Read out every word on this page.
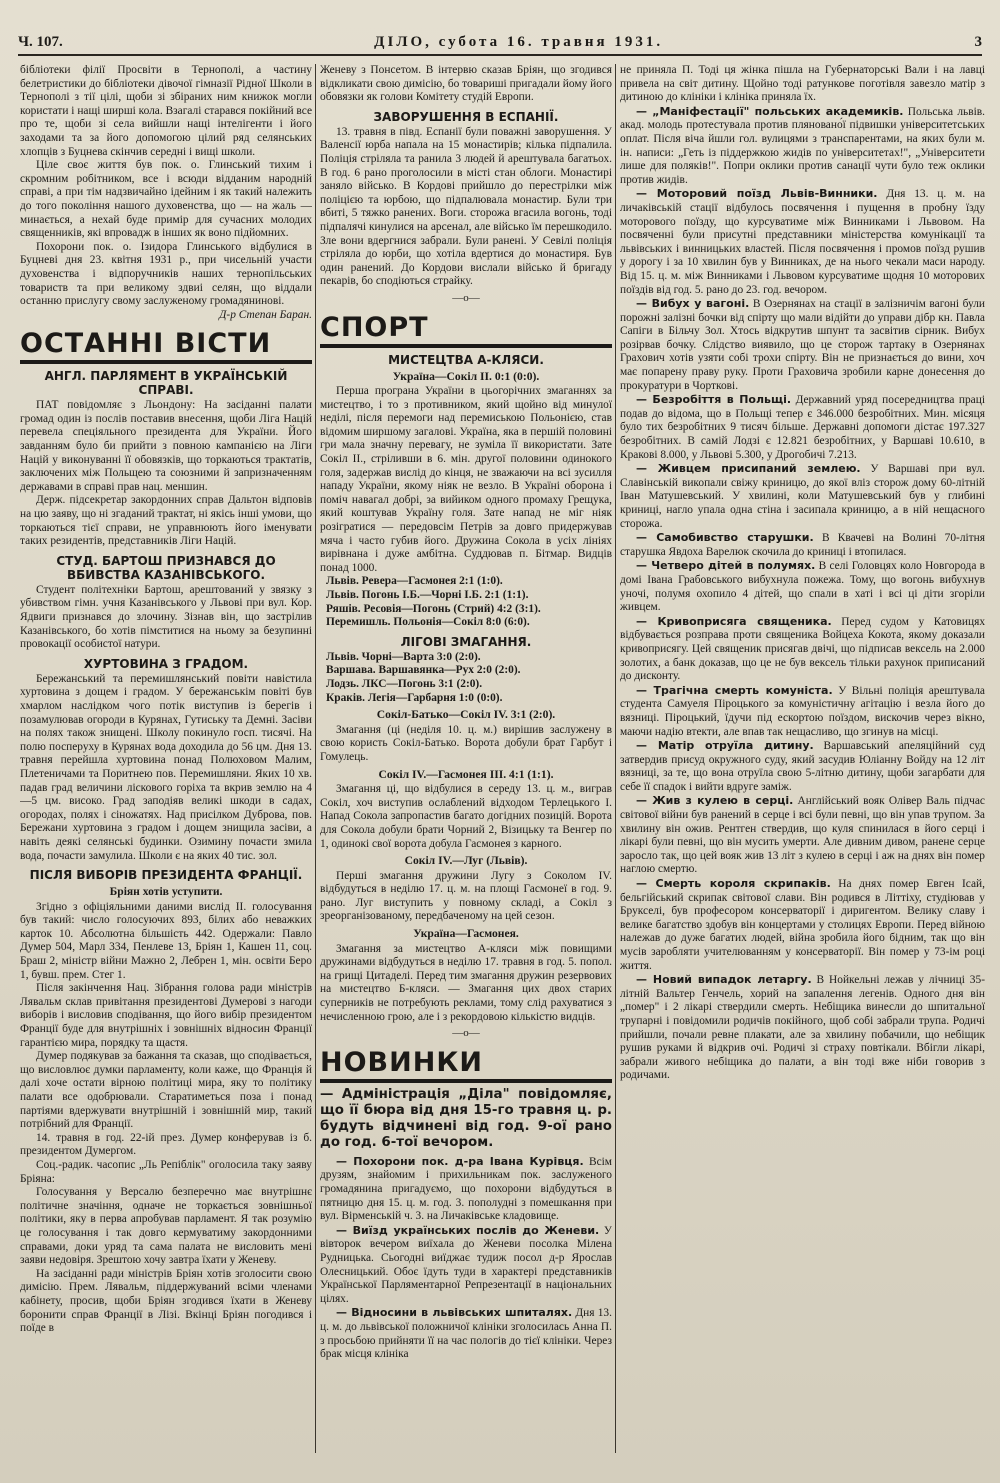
Ч. 107.	ДІЛО, субота 16. травня 1931.	3

бібліотеки філії Просвіти в Тернополі, а частину белетристики до бібліотеки дівочої гімназії Рідної Школи в Тернополі з тії цілі, щоби зі збіраних ним книжок могли користати і нащі ширші кола. Взагалі старався покійний все про те, щоби зі села вийшли нащі інтелігенти і його заходами та за його допомогою цілий ряд селянських хлопців з Буцнева скінчив середні і вищі школи.

Ціле своє життя був пок. о. Глинський тихим і скромним робітником, все і всюди відданим народній справі, а при тім надзвичайно ідейним і як такий належить до того покоління нашого духовенства, що — на жаль — минається, а нехай буде примір для сучасних молодих священників, які впровадж в інших як воно підйомних.

Похорони пок. о. Ізидора Глинського відбулися в Буцневі дня 23. квітня 1931 р., при чисельній участи духовенства і відпоручників наших тернопільських товариств та при великому здвиі селян, що віддали останню прислугу свому заслуженому громадянинові.

Д-р Степан Баран.
ОСТАННІ ВІСТИ
АНГЛ. ПАРЛЯМЕНТ В УКРАЇНСЬКІЙ СПРАВІ.

ПАТ повідомляє з Льондону: На засіданні палати громад один із послів поставив внесення, щоби Ліга Націй перевела спеціяльного президента для України. Його завданням було би прийти з повною кампанією на Ліги Націй у виконуванні її обовязків, що торкаються трактатів, заключених між Польщею та союзними й запризначенням державами в справі прав нац. меншин.

Держ. підсекретар закордонних справ Дальтон відповів на цю заяву, що ні згаданий трактат, ні якісь інші умови, що торкаються тієї справи, не управнюють його іменувати таких резидентів, представників Ліги Націй.

СТУД. БАРТОШ ПРИЗНАВСЯ ДО ВБИВСТВА КАЗАНІВСЬКОГО.

Студент політехніки Бартош, арештований у звязку з убивством гімн. учня Казанівського у Львові при вул. Кор. Ядвиги признався до злочину. Зізнав він, що застрілив Казанівського, бо хотів пімститися на ньому за безупинні провокації особистої натури.

ХУРТОВИНА З ГРАДОМ.

Бережанський та перемишлянський повіти навістила хуртовина з дощем і градом. У бережанськім повіті був хмарлом наслідком чого потік виступив із берегів і позамулював огороди в Курянах, Гутиськy та Демні. Засіви на полях також знищені. Школу покинуло госп. тисячі. На полю посперуху в Курянах вода доходила до 56 цм. Дня 13. травня перейшла хуртовина понад Полюховом Малим, Плетеничами та Поритнею пов. Перемишляни. Яких 10 хв. падав град величини ліскового горіха та вкрив землю на 4—5 цм. високо. Град заподіяв великі шкоди в садах, огородах, полях і сіножатях. Над присілком Дуброва, пов. Бережани хуртовина з градом і дощем знищила засіви, а навіть деякі селянські будинки. Озимину почасти змила вода, почасти замулила. Школи є на яких 40 тис. зол.

ПІСЛЯ ВИБОРІВ ПРЕЗИДЕНТА ФРАНЦІЇ.
Бріян хотів уступити.

Згідно з офіціяльними даними вислід ІІ. голосування був такий: число голосуючих 893, білих або неважких карток 10. Абсолютна більшість 442. Одержали: Павло Думер 504, Марл 334, Пенлеве 13, Бріян 1, Кашен 11, соц. Браш 2, міністр війни Мажно 2, Лебрен 1, мін. освіти Беро 1, бувш. прем. Стег 1.

Після закінчення Нац. Зібрання голова ради міністрів Лявальм склав привітання президентові Думерові з нагоди виборів і висловив сподівання, що його вибір президентом Франції буде для внутрішніх і зовнішніх відносин Франції гарантією мира, порядку та щастя.

Думер подякував за бажання та сказав, що сподівається, що висловлює думки парламенту, коли каже, що Франція й далі хоче остати вірною політиці мира, яку то політику палати все одобрювали. Старатиметься поза і понад партіями вдержувати внутрішній і зовнішній мир, такий потрібний для Франції.

14. травня в год. 22-ій през. Думер конферував із б. президентом Думергом.

Соц.-радик. часопис „Ль Репіблік" оголосила таку заяву Бріяна:

Голосування у Версалю безперечно має внутрішнє політичне значіння, одначе не торкається зовнішньої політики, яку в перва апробував парламент. Я так розумію це голосування і так довго кермуватиму закордонними справами, доки уряд та сама палата не висловить мені заяви недовіря. Зрештою хочу завтра їхати у Женеву.

На засіданні ради міністрів Бріян хотів зголосити свою димісію. Прем. Лявальм, піддержуваний всіми членами кабінету, просив, щоби Бріян згодився їхати в Женеву боронити справ Франції в Лізі. Вкінці Бріян погодився і поїде в

Женеву з Понсетом. В інтервю сказав Бріян, що згодився відкликати свою димісію, бо товариші пригадали йому його обовязки як голови Комітету студій Европи.

ЗАВОРУШЕННЯ В ЕСПАНІЇ.

13. травня в півд. Еспанії були поважні заворушення. У Валенсії юрба напала на 15 монастирів; кілька підпалила. Поліція стріляла та ранила 3 людей й арештувала багатьох. В год. 6 рано проголосили в місті стан облоги. Монастирі заняло військо. В Кордові прийшло до перестрілки між поліцією та юрбою, що підпалювала монастир. Були три вбиті, 5 тяжко ранених. Воги. сторожа вгасила вогонь, тоді підпалячі кинулися на арсенал, але військо їм перешкодило. Зле вони вдергнися забрали. Були ранені. У Севілі поліція стріляла до юрби, що хотіла вдертися до монастиря. Був один ранений. До Кордови вислали військо й бригаду пекарів, бо сподіються страйку.

—o—
СПОРТ
МИСТЕЦТВА А-КЛЯСИ.
Україна—Сокіл ІІ. 0:1 (0:0).

Перша програна України в цьогорічних змаганнях за мистецтво, і то з противником, який щойно від минулої неділі, після перемоги над перемиською Польонією, став відомим ширшому загалові. Україна, яка в першій половині гри мала значну перевагу, не зуміла її використати. Зате Сокіл ІІ., стріливши в 6. мін. другої половини одинокого голя, задержав вислід до кінця, не зважаючи на всі зусилля нападу України, якому ніяк не везло. В Україні оборона і поміч навагал добрі, за вийиком одного промаху Грещука, який коштував Україну голя. Зате напад не міг ніяк розігратися — передовсім Петрів за довго придержував мяча і часто губив його. Дружина Сокола в усіх лініях вирівнана і дуже амбітна. Суддював п. Бітмар. Видців понад 1000.

Львів. Ревера—Гасмонея 2:1 (1:0).

Львів. Погонь І.Б.—Чорні І.Б. 2:1 (1:1).

Ряшів. Ресовія—Погонь (Стрий) 4:2 (3:1).

Перемишль. Польонія—Сокіл 8:0 (6:0).

ЛІГОВІ ЗМАГАННЯ.

Львів. Чорні—Варта 3:0 (2:0).

Варшава. Варшавянка—Рух 2:0 (2:0).

Лодзь. ЛКС—Погонь 3:1 (2:0).

Краків. Легія—Гарбарня 1:0 (0:0).

Сокіл-Батько—Сокіл IV. 3:1 (2:0).

Змагання (ці (неділя 10. ц. м.) вирішив заслужену в свою користь Сокіл-Батько. Ворота добули брат Гарбут і Гомулець.

Сокіл IV.—Гасмонея ІІІ. 4:1 (1:1).

Змагання ці, що відбулися в середу 13. ц. м., виграв Сокіл, хоч виступив ослаблений відходом Терлецького І. Напад Сокола запропастив багато догідних позицій. Ворота для Сокола добули брати Чорний 2, Візицьку та Венгер по 1, одинокі свої ворота добула Гасмонея з карного.

Сокіл IV.—Луг (Львів).

Перші змагання дружини Лугу з Соколом IV. відбудуться в неділю 17. ц. м. на площі Гасмонеї в год. 9. рано. Луг виступить у повному складі, а Сокіл з зреорганізованому, передбаченому на цей сезон.

Україна—Гасмонея.

Змагання за мистецтво А-кляси між повищими дружинами відбудуться в неділю 17. травня в год. 5. попол. на грищі Цитаделі. Перед тим змагання дружин резервових на мистецтво Б-кляси. — Змагання цих двох старих суперників не потребують реклами, тому слід рахуватися з нечисленною грою, але і з рекордовою кількістю видців.

—o—
НОВИНКИ
— Адміністрація „Діла" повідомляє, що її бюра від дня 15-го травня ц. р. будуть відчинені від год. 9-ої рано до год. 6-тої вечором.

— Похорони пок. д-ра Івана Курівця. Всім друзям, знайомим і прихильникам пок. заслуженого громадянина пригадуємо, що похорони відбудуться в пятницю дня 15. ц. м. год. 3. пополудні з помешкання при вул. Вірменській ч. 3. на Личаківське кладовище.

— Виїзд українських послів до Женеви. У вівторок вечером виїхала до Женеви посолка Мілена Рудницька. Сьогодні виїджає тудиж посол д-р Ярослав Олесницький. Обоє їдуть туди в характері представників Української Парляментарної Репрезентації в національних цілях.

— Відносини в львівських шпиталях. Дня 13. ц. м. до львівської положничої клініки зголосилась Анна П. з просьбою прийняти її на час пологів до тієї клініки. Через брак місця клініка

не приняла П. Тоді ця жінка пішла на Губернаторські Вали і на лавці привела на світ дитину. Щойно тоді ратункове поготівля завезло матір з дитиною до клініки і клініка приняла їх.

— „Маніфестації" польських академиків. Польська львів. акад. молодь протестувала против пляновано́ї підвишки університетських оплат. Після віча йшли гол. вулицями з транспарентами, на яких були м. ін. написи: „Геть із піддержкою жидів по університетах!", „Університети лише для поляків!". Попри оклики против санації чути було теж оклики против жидів.

— Моторовий поїзд Львів-Винники. Дня 13. ц. м. на личаківській стації відбулось посвячення і пущення в пробну їзду моторового поїзду, що курсуватиме між Винниками і Львовом. На посвяченні були присутні представники міністерства комунікації та львівських і винницьких властей. Після посвячення і промов поїзд рушив у дорогу і за 10 хвилин був у Винниках, де на нього чекали маси народу. Від 15. ц. м. між Винниками і Львовом курсуватиме щодня 10 моторових поїздів від год. 5. рано до 23. год. вечором.

— Вибух у вагоні. В Озернянах на стації в залізничім вагоні були порожні залізні бочки від спірту що мали відійти до управи дібр кн. Павла Сапіги в Більчу Зол. Хтось відкрутив шпунт та засвітив сірник. Вибух розірвав бочку. Слідство виявило, що це сторож тартаку в Озернянах Грахович хотів узяти собі трохи спірту. Він не признається до вини, хоч має попарену праву руку. Проти Граховича зробили карне донесення до прокуратури в Чорткові.

— Безробіття в Польщі. Державний уряд посередництва праці подав до відома, що в Польщі тепер є 346.000 безробітних. Мин. місяця було тих безробітних 9 тисяч більше. Державні допомоги дістає 197.327 безробітних. В самій Лодзі є 12.821 безробітних, у Варшаві 10.610, в Кракові 8.000, у Львові 5.300, у Дрогобичі 7.213.

— Живцем присипаний землею. У Варшаві при вул. Славінській викопали свіжу криницю, до якої вліз сторож дому 60-літній Іван Матушевський. У хвилині, коли Матушевський був у глибині криниці, нагло упала одна стіна і засипала криницю, а в ній нещасного сторожа.

— Самобивство старушки. В Квачеві на Волині 70-літня старушка Явдоха Варелюк скочила до криниці і втопилася.

— Четверо дітей в полумях. В селі Головцях коло Новгорода в домі Івана Грабовського вибухнула пожежа. Тому, що вогонь вибухнув уночі, полумя охопило 4 дітей, що спали в хаті і всі ці діти згоріли живцем.

— Кривоприсяга священика. Перед судом у Катовицях відбувається розправа проти священика Войцеха Кокота, якому доказали кривоприсягу. Цей священик присягав двічі, що підписав вексель на 2.000 золотих, а банк доказав, що це не був вексель тільки рахунок приписаний до дисконту.

— Трагічна смерть комуніста. У Вільні поліція арештувала студента Самуеля Піроцького за комуністичну агітацію і везла його до вязниці. Піроцький, їдучи під ескортою поїздом, вискочив через вікно, маючи надію втекти, але впав так нещасливо, що згинув на місці.

— Матір отруїла дитину. Варшавський апеляційний суд затвердив присуд окружного суду, який засудив Юліанну Войду на 12 літ вязниці, за те, що вона отруїла свою 5-літню дитину, щоби загарбати для себе її спадок і вийти вдруге заміж.

— Жив з кулею в серці. Англійський вояк Олівер Валь підчас світової війни був ранений в серце і всі були певні, що він упав трупом. За хвилину він ожив. Рентген ствердив, що куля спинилася в його серці і лікарі були певні, що він мусить умерти. Але дивним дивом, ранене серце заросло так, що цей вояк жив 13 літ з кулею в серці і аж на днях він помер наглою смертю.

— Смерть короля скрипаків. На днях помер Евген Ісай, бельгійський скрипак світової слави. Він родився в Літтіху, студіював у Брукселі, був професором консерваторії і диригентом. Велику славу і велике багатство здобув він концертами у столицях Европи. Перед війною належав до дуже багатих людей, війна зробила його бідним, так що він мусів заробляти учителюванням у консерваторії. Він помер у 73-ім році життя.

— Новий випадок летаргу. В Нойкельні лежав у лічниці 35-літній Вальтер Генчель, хорий на запалення легенів. Одного дня він „помер" і 2 лікарі ствердили смерть. Небіщика винесли до шпитальної трупарні і повідомили родичів покійного, щоб собі забрали трупа. Родичі прийшли, почали ревне плакати, але за хвилину побачили, що небіщик рушив руками й відкрив очі. Родичі зі страху повтікали. Вбігли лікарі, забрали живого небіщика до палати, а він тоді вже ніби говорив з родичами.
